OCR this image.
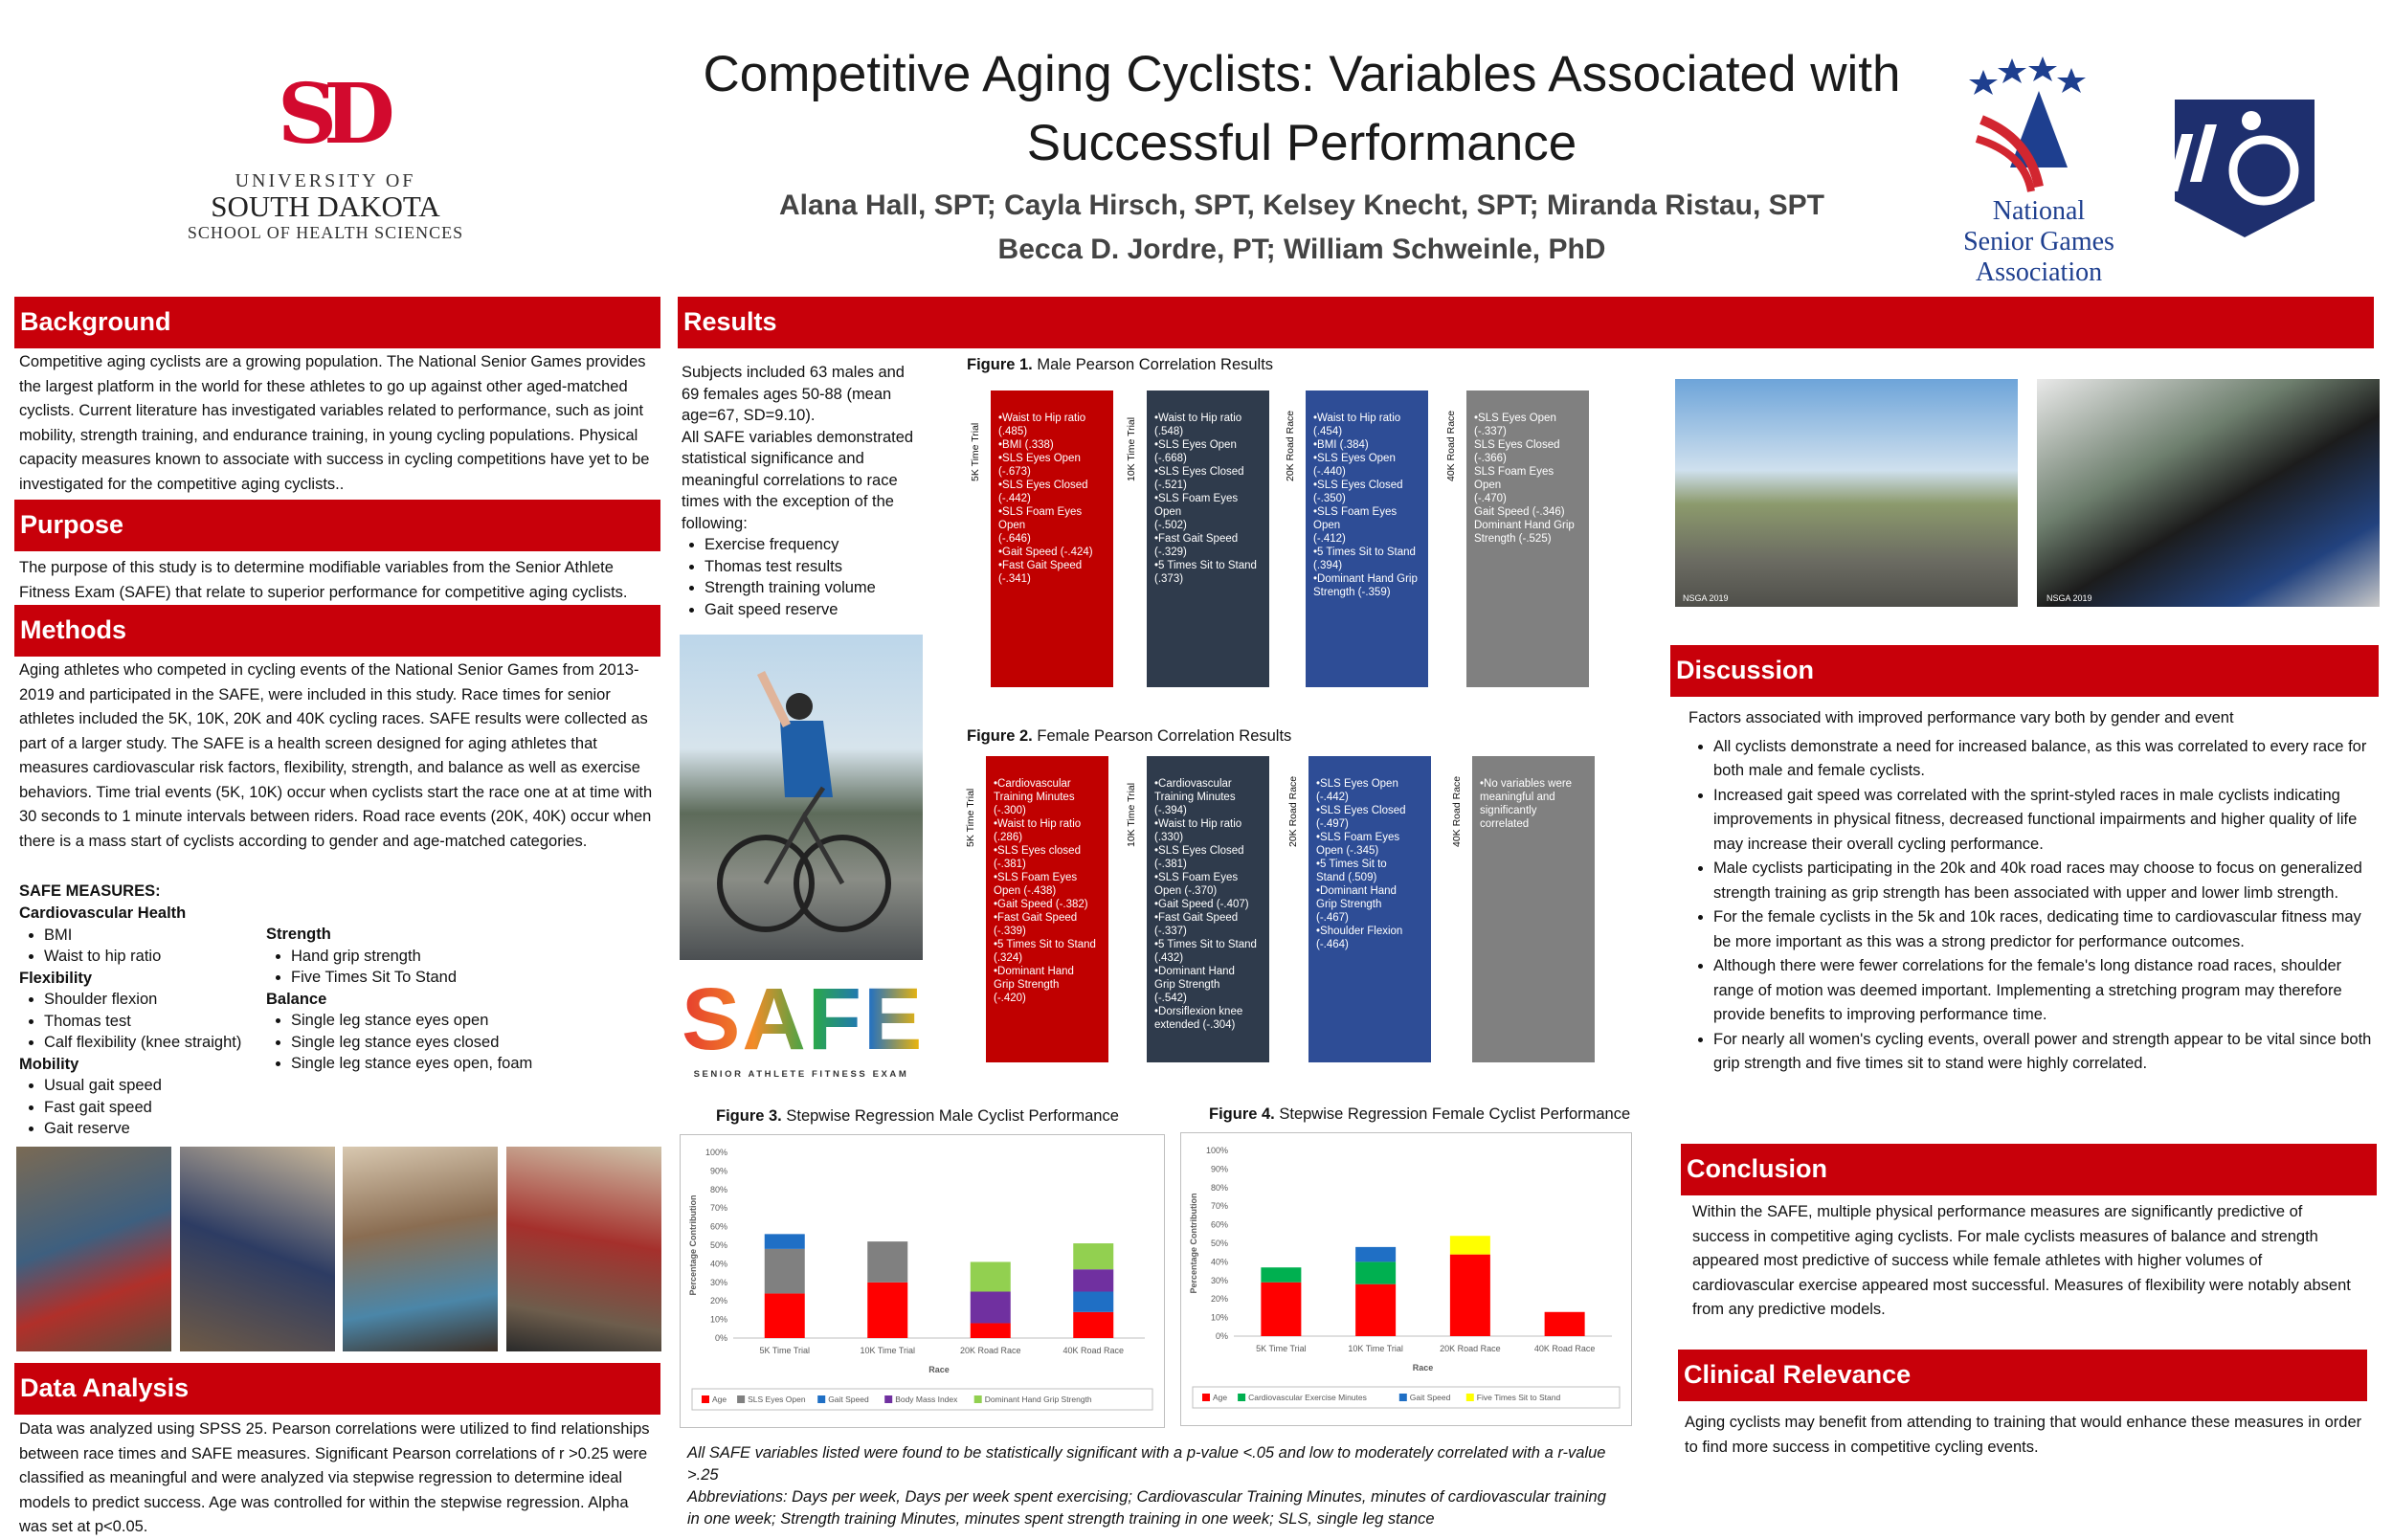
SD
UNIVERSITY OF
SOUTH DAKOTA
SCHOOL OF HEALTH SCIENCES
Competitive Aging Cyclists: Variables Associated with
Successful Performance
Alana Hall, SPT; Cayla Hirsch, SPT, Kelsey Knecht, SPT; Miranda Ristau, SPT
Becca D. Jordre, PT; William Schweinle, PhD
National
Senior Games
Association
Background
Competitive aging cyclists are a growing population. The National Senior Games provides the largest platform in the world for these athletes to go up against other aged-matched cyclists. Current literature has investigated variables related to performance, such as joint mobility, strength training, and endurance training, in young cycling populations. Physical capacity measures known to associate with success in cycling competitions have yet to be investigated for the competitive aging cyclists..
Purpose
The purpose of this study is to determine modifiable variables from the Senior Athlete Fitness Exam (SAFE) that relate to superior performance for competitive aging cyclists.
Methods
Aging athletes who competed in cycling events of the National Senior Games from 2013- 2019 and participated in the SAFE, were included in this study. Race times for senior athletes included the 5K, 10K, 20K and 40K cycling races. SAFE results were collected as part of a larger study. The SAFE is a health screen designed for aging athletes that measures cardiovascular risk factors, flexibility, strength, and balance as well as exercise behaviors. Time trial events (5K, 10K) occur when cyclists start the race one at at time with 30 seconds to 1 minute intervals between riders. Road race events (20K, 40K) occur when there is a mass start of cyclists according to gender and age-matched categories.
SAFE MEASURES:
Cardiovascular Health
• BMI
• Waist to hip ratio
Flexibility
• Shoulder flexion
• Thomas test
• Calf flexibility (knee straight)
Mobility
• Usual gait speed
• Fast gait speed
• Gait reserve
Strength
• Hand grip strength
• Five Times Sit To Stand
Balance
• Single leg stance eyes open
• Single leg stance eyes closed
• Single leg stance eyes open, foam
Data Analysis
Data was analyzed using SPSS 25. Pearson correlations were utilized to find relationships between race times and SAFE measures. Significant Pearson correlations of r >0.25 were classified as meaningful and were analyzed via stepwise regression to determine ideal models to predict success. Age was controlled for within the stepwise regression. Alpha was set at p<0.05.
Results

Subjects included 63 males and 69 females ages 50-88 (mean age=67, SD=9.10).

All SAFE variables demonstrated statistical significance and meaningful correlations to race times with the exception of the following:

• Exercise frequency
• Thomas test results
• Strength training volume
• Gait speed reserve
SAFE
SENIOR ATHLETE FITNESS EXAM
Figure 1. Male Pearson Correlation Results
5K Time Trial
•Waist to Hip ratio
(.485)
•BMI (.338)
•SLS Eyes Open (-.673)
•SLS Eyes Closed
(-.442)
•SLS Foam Eyes Open
(-.646)
•Gait Speed (-.424)
•Fast Gait Speed
(-.341)
10K Time Trial	•Waist to Hip ratio
(.548)
•SLS Eyes Open
(-.668)
•SLS Eyes Closed
(-.521)
•SLS Foam Eyes Open
(-.502)
•Fast Gait Speed
(-.329)
•5 Times Sit to Stand
(.373)
20K Road Race	•Waist to Hip ratio
(.454)
•BMI (.384)
•SLS Eyes Open (-.440)
•SLS Eyes Closed
(-.350)
•SLS Foam Eyes Open
(-.412)
•5 Times Sit to Stand
(.394)
•Dominant Hand Grip
Strength (-.359)
40K Road Race	•SLS Eyes Open (-.337)
SLS Eyes Closed
(-.366)
SLS Foam Eyes Open
(-.470)
Gait Speed (-.346)
Dominant Hand Grip
Strength (-.525)
Figure 2. Female Pearson Correlation Results
5K Time Trial
•Cardiovascular
Training Minutes
(-.300)
•Waist to Hip ratio
(.286)
•SLS Eyes closed
(-.381)
•SLS Foam Eyes
Open (-.438)
•Gait Speed (-.382)
•Fast Gait Speed
(-.339)
•5 Times Sit to Stand
(.324)
•Dominant Hand
Grip Strength
(-.420)
10K Time Trial	•Cardiovascular
Training Minutes
(-.394)
•Waist to Hip ratio
(.330)
•SLS Eyes Closed
(-.381)
•SLS Foam Eyes
Open (-.370)
•Gait Speed (-.407)
•Fast Gait Speed
(-.337)
•5 Times Sit to Stand
(.432)
•Dominant Hand
Grip Strength
(-.542)
•Dorsiflexion knee
extended (-.304)
20K Road Race	•SLS Eyes Open
(-.442)
•SLS Eyes Closed
(-.497)
•SLS Foam Eyes
Open (-.345)
•5 Times Sit to
Stand (.509)
•Dominant Hand
Grip Strength
(-.467)
•Shoulder Flexion
(-.464)
40K Road Race	•No variables were
meaningful and
significantly
correlated
Figure 3. Stepwise Regression Male Cyclist Performance	Figure 4. Stepwise Regression Female Cyclist Performance
0%
10%
20%
30%
40%
50%
60%
70%
80%
90%
100%
Percentage Contribution
5K Time Trial	10K Time Trial	20K Road Race	40K Road Race
Race
Age	SLS Eyes Open	Gait Speed	Body Mass Index	Dominant Hand Grip Strength
0%
10%
20%
30%
40%
50%
60%
70%
80%
90%
100%
Percentage Contribution
5K Time Trial	10K Time Trial	20K Road Race	40K Road Race
Race
Age	Cardiovascular Exercise Minutes	Gait Speed	Five Times Sit to Stand
All SAFE variables listed were found to be statistically significant with a p-value <.05 and low to moderately correlated with a r-value >.25
Abbreviations: Days per week, Days per week spent exercising; Cardiovascular Training Minutes, minutes of cardiovascular training in one week; Strength training Minutes, minutes spent strength training in one week; SLS, single leg stance
NSGA 2019	NSGA 2019
Discussion

Factors associated with improved performance vary both by gender and event

• All cyclists demonstrate a need for increased balance, as this was correlated to every race for both male and female cyclists.
• Increased gait speed was correlated with the sprint-styled races in male cyclists indicating improvements in physical fitness, decreased functional impairments and higher quality of life may increase their overall cycling performance.
• Male cyclists participating in the 20k and 40k road races may choose to focus on generalized strength training as grip strength has been associated with upper and lower limb strength.
• For the female cyclists in the 5k and 10k races, dedicating time to cardiovascular fitness may be more important as this was a strong predictor for performance outcomes.
• Although there were fewer correlations for the female's long distance road races, shoulder range of motion was deemed important. Implementing a stretching program may therefore provide benefits to improving performance time.
• For nearly all women's cycling events, overall power and strength appear to be vital since both grip strength and five times sit to stand were highly correlated.
Conclusion
Within the SAFE, multiple physical performance measures are significantly predictive of success in competitive aging cyclists. For male cyclists measures of balance and strength appeared most predictive of success while female athletes with higher volumes of cardiovascular exercise appeared most successful. Measures of flexibility were notably absent from any predictive models.
Clinical Relevance
Aging cyclists may benefit from attending to training that would enhance these measures in order to find more success in competitive cycling events.
